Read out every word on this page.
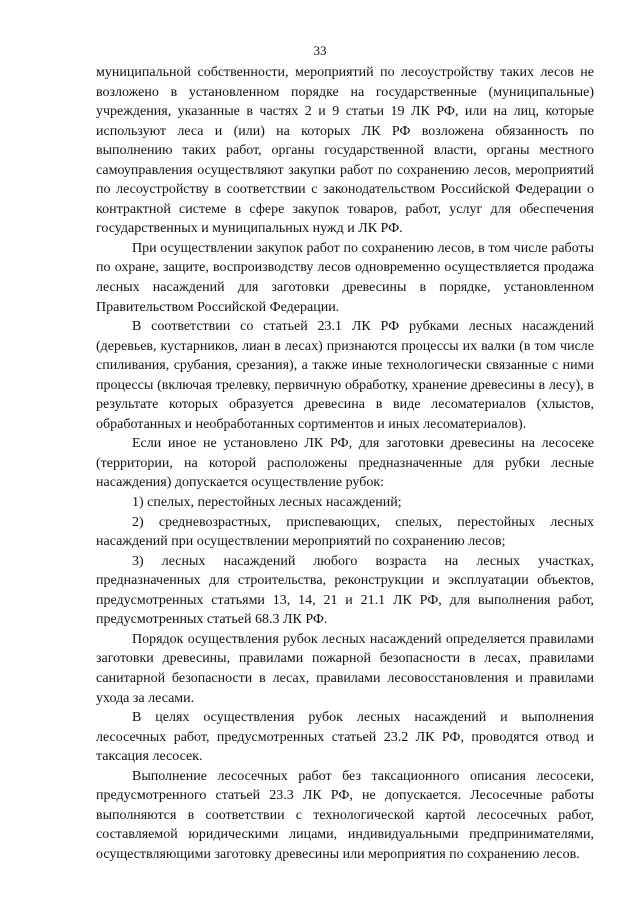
33

муниципальной собственности, мероприятий по лесоустройству таких лесов не возложено в установленном порядке на государственные (муниципальные) учреждения, указанные в частях 2 и 9 статьи 19 ЛК РФ, или на лиц, которые используют леса и (или) на которых ЛК РФ возложена обязанность по выполнению таких работ, органы государственной власти, органы местного самоуправления осуществляют закупки работ по сохранению лесов, мероприятий по лесоустройству в соответствии с законодательством Российской Федерации о контрактной системе в сфере закупок товаров, работ, услуг для обеспечения государственных и муниципальных нужд и ЛК РФ.

При осуществлении закупок работ по сохранению лесов, в том числе работы по охране, защите, воспроизводству лесов одновременно осуществляется продажа лесных насаждений для заготовки древесины в порядке, установленном Правительством Российской Федерации.

В соответствии со статьей 23.1 ЛК РФ рубками лесных насаждений (деревьев, кустарников, лиан в лесах) признаются процессы их валки (в том числе спиливания, срубания, срезания), а также иные технологически связанные с ними процессы (включая трелевку, первичную обработку, хранение древесины в лесу), в результате которых образуется древесина в виде лесоматериалов (хлыстов, обработанных и необработанных сортиментов и иных лесоматериалов).

Если иное не установлено ЛК РФ, для заготовки древесины на лесосеке (территории, на которой расположены предназначенные для рубки лесные насаждения) допускается осуществление рубок:

1) спелых, перестойных лесных насаждений;

2) средневозрастных, приспевающих, спелых, перестойных лесных насаждений при осуществлении мероприятий по сохранению лесов;

3) лесных насаждений любого возраста на лесных участках, предназначенных для строительства, реконструкции и эксплуатации объектов, предусмотренных статьями 13, 14, 21 и 21.1 ЛК РФ, для выполнения работ, предусмотренных статьей 68.3 ЛК РФ.

Порядок осуществления рубок лесных насаждений определяется правилами заготовки древесины, правилами пожарной безопасности в лесах, правилами санитарной безопасности в лесах, правилами лесовосстановления и правилами ухода за лесами.

В целях осуществления рубок лесных насаждений и выполнения лесосечных работ, предусмотренных статьей 23.2 ЛК РФ, проводятся отвод и таксация лесосек.

Выполнение лесосечных работ без таксационного описания лесосеки, предусмотренного статьей 23.3 ЛК РФ, не допускается. Лесосечные работы выполняются в соответствии с технологической картой лесосечных работ, составляемой юридическими лицами, индивидуальными предпринимателями, осуществляющими заготовку древесины или мероприятия по сохранению лесов.
